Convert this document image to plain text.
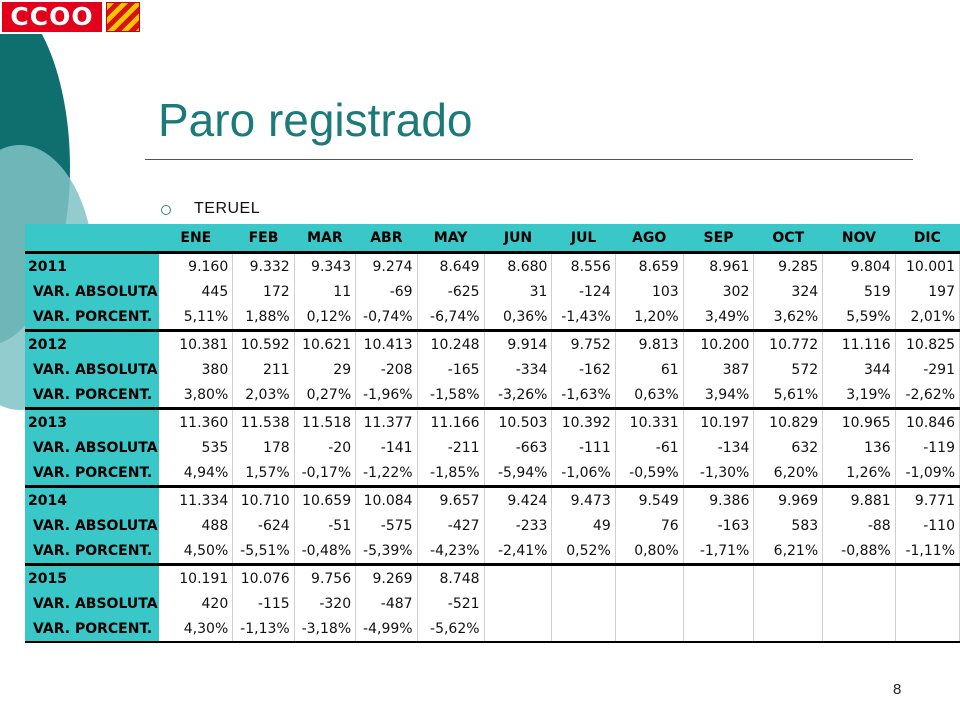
CCOO
Paro registrado
TERUEL
	ENE	FEB	MAR	ABR	MAY	JUN	JUL	AGO	SEP	OCT	NOV	DIC
2011	9.160	9.332	9.343	9.274	8.649	8.680	8.556	8.659	8.961	9.285	9.804	10.001
VAR. ABSOLUTA	445	172	11	-69	-625	31	-124	103	302	324	519	197
VAR. PORCENT.	5,11%	1,88%	0,12%	-0,74%	-6,74%	0,36%	-1,43%	1,20%	3,49%	3,62%	5,59%	2,01%
2012	10.381	10.592	10.621	10.413	10.248	9.914	9.752	9.813	10.200	10.772	11.116	10.825
VAR. ABSOLUTA	380	211	29	-208	-165	-334	-162	61	387	572	344	-291
VAR. PORCENT.	3,80%	2,03%	0,27%	-1,96%	-1,58%	-3,26%	-1,63%	0,63%	3,94%	5,61%	3,19%	-2,62%
2013	11.360	11.538	11.518	11.377	11.166	10.503	10.392	10.331	10.197	10.829	10.965	10.846
VAR. ABSOLUTA	535	178	-20	-141	-211	-663	-111	-61	-134	632	136	-119
VAR. PORCENT.	4,94%	1,57%	-0,17%	-1,22%	-1,85%	-5,94%	-1,06%	-0,59%	-1,30%	6,20%	1,26%	-1,09%
2014	11.334	10.710	10.659	10.084	9.657	9.424	9.473	9.549	9.386	9.969	9.881	9.771
VAR. ABSOLUTA	488	-624	-51	-575	-427	-233	49	76	-163	583	-88	-110
VAR. PORCENT.	4,50%	-5,51%	-0,48%	-5,39%	-4,23%	-2,41%	0,52%	0,80%	-1,71%	6,21%	-0,88%	-1,11%
2015	10.191	10.076	9.756	9.269	8.748							
VAR. ABSOLUTA	420	-115	-320	-487	-521							
VAR. PORCENT.	4,30%	-1,13%	-3,18%	-4,99%	-5,62%							
8
